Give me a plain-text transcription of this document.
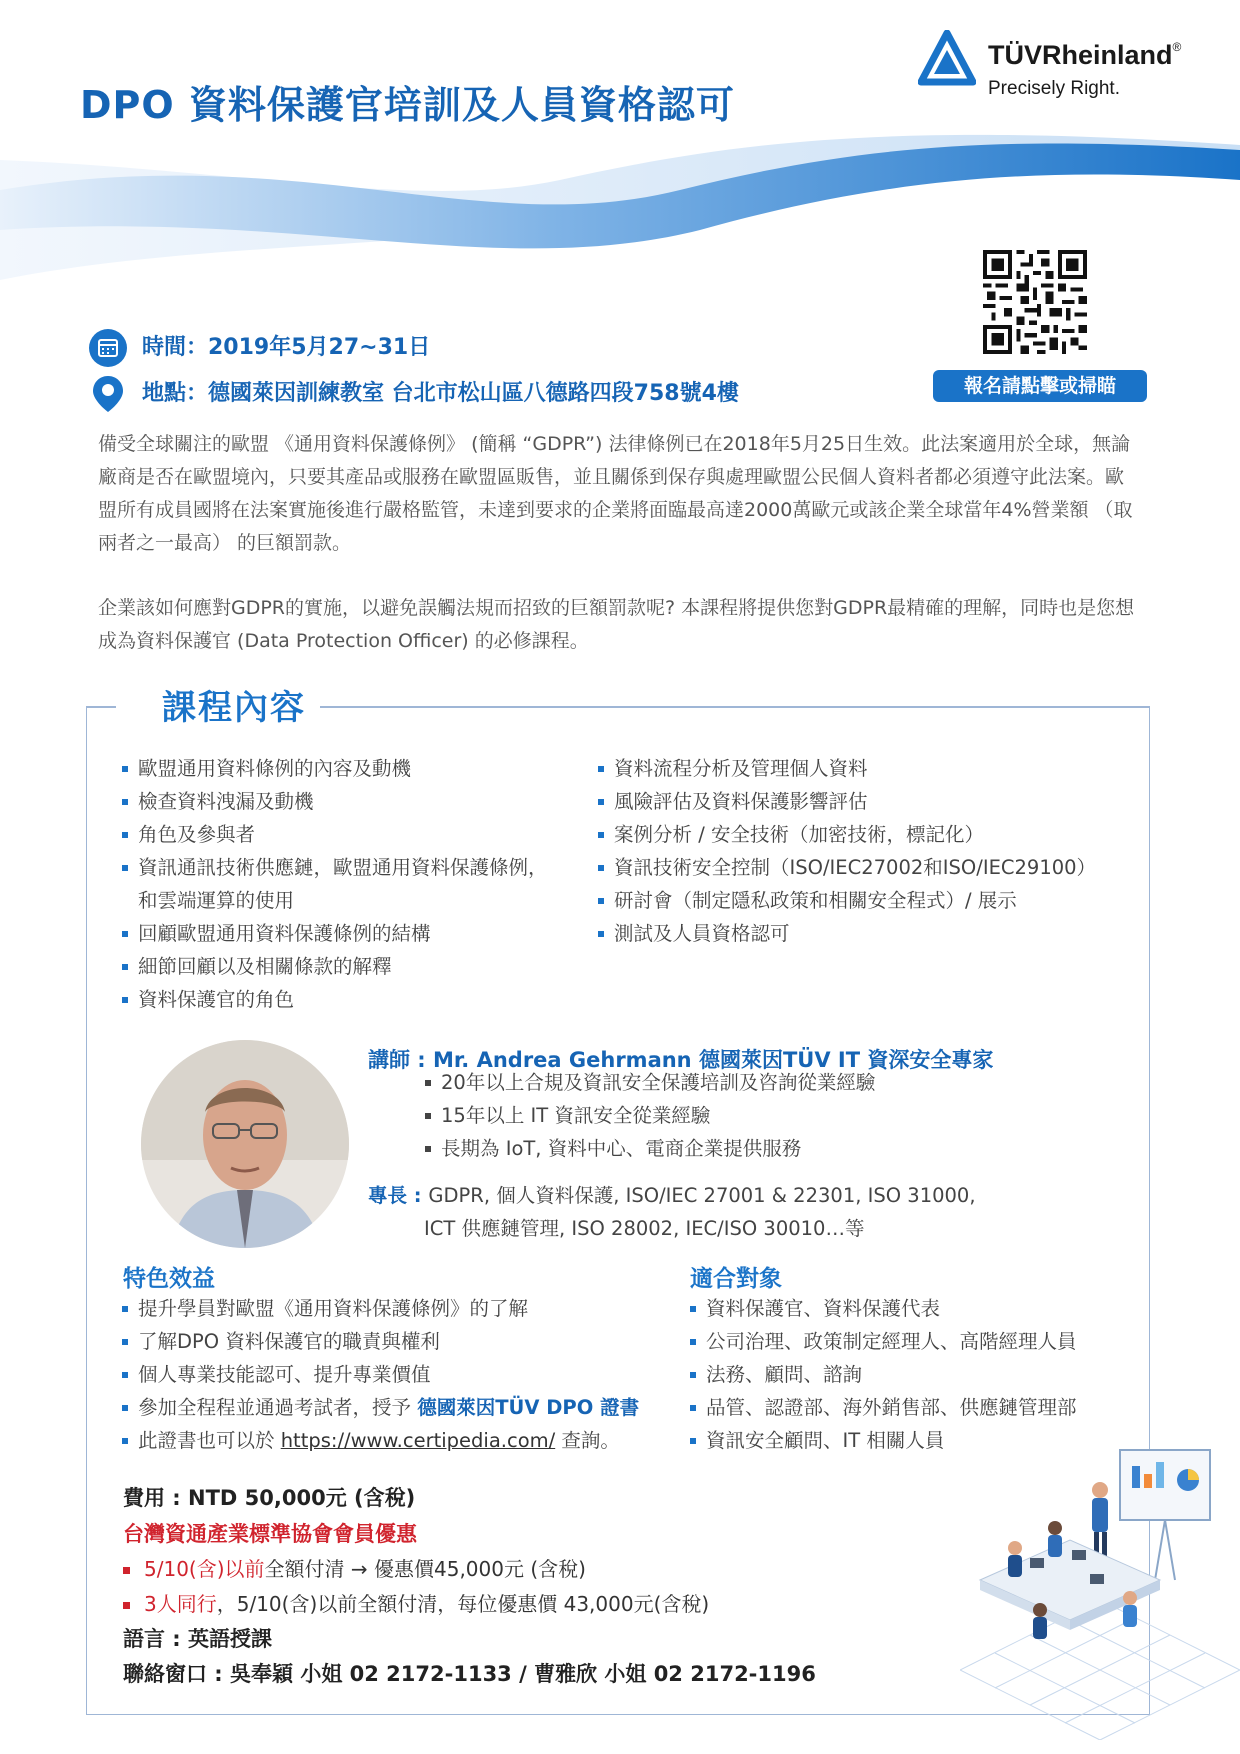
DPO 資料保護官培訓及人員資格認可
TÜVRheinland®
Precisely Right.
報名請點擊或掃瞄
時間：2019年5月27~31日
地點：德國萊因訓練教室 台北市松山區八德路四段758號4樓
備受全球關注的歐盟 《通用資料保護條例》 (簡稱 “GDPR”) 法律條例已在2018年5月25日生效。此法案適用於全球，無論廠商是否在歐盟境內，只要其產品或服務在歐盟區販售，並且關係到保存與處理歐盟公民個人資料者都必須遵守此法案。歐盟所有成員國將在法案實施後進行嚴格監管，未達到要求的企業將面臨最高達2000萬歐元或該企業全球當年4%營業額 （取兩者之一最高） 的巨額罰款。
企業該如何應對GDPR的實施，以避免誤觸法規而招致的巨額罰款呢? 本課程將提供您對GDPR最精確的理解，同時也是您想成為資料保護官 (Data Protection Officer) 的必修課程。
課程內容
歐盟通用資料條例的內容及動機
檢查資料洩漏及動機
角色及參與者
資訊通訊技術供應鏈，歐盟通用資料保護條例，
和雲端運算的使用
回顧歐盟通用資料保護條例的結構
細節回顧以及相關條款的解釋
資料保護官的角色
資料流程分析及管理個人資料
風險評估及資料保護影響評估
案例分析 / 安全技術（加密技術，標記化）
資訊技術安全控制（ISO/IEC27002和ISO/IEC29100）
研討會（制定隱私政策和相關安全程式）/ 展示
測試及人員資格認可
講師 : Mr. Andrea Gehrmann 德國萊因TÜV IT 資深安全專家
20年以上合規及資訊安全保護培訓及咨詢從業經驗
15年以上 IT 資訊安全從業經驗
長期為 IoT, 資料中心、電商企業提供服務
專長 : GDPR, 個人資料保護, ISO/IEC 27001 & 22301, ISO 31000,
ICT 供應鏈管理, ISO 28002, IEC/ISO 30010…等
特色效益
提升學員對歐盟《通用資料保護條例》的了解
了解DPO 資料保護官的職責與權利
個人專業技能認可、提升專業價值
參加全程程並通過考試者，授予 德國萊因TÜV DPO 證書
此證書也可以於 https://www.certipedia.com/ 查詢。
適合對象
資料保護官、資料保護代表
公司治理、政策制定經理人、高階經理人員
法務、顧問、諮詢
品管、認證部、海外銷售部、供應鏈管理部
資訊安全顧問、IT 相關人員
費用 : NTD 50,000元 (含稅)
台灣資通產業標準協會會員優惠
5/10(含)以前全額付清 → 優惠價45,000元 (含稅)
3人同行，5/10(含)以前全額付清，每位優惠價 43,000元(含稅)
語言 : 英語授課
聯絡窗口 : 吳奉穎 小姐 02 2172-1133 / 曹雅欣 小姐 02 2172-1196
